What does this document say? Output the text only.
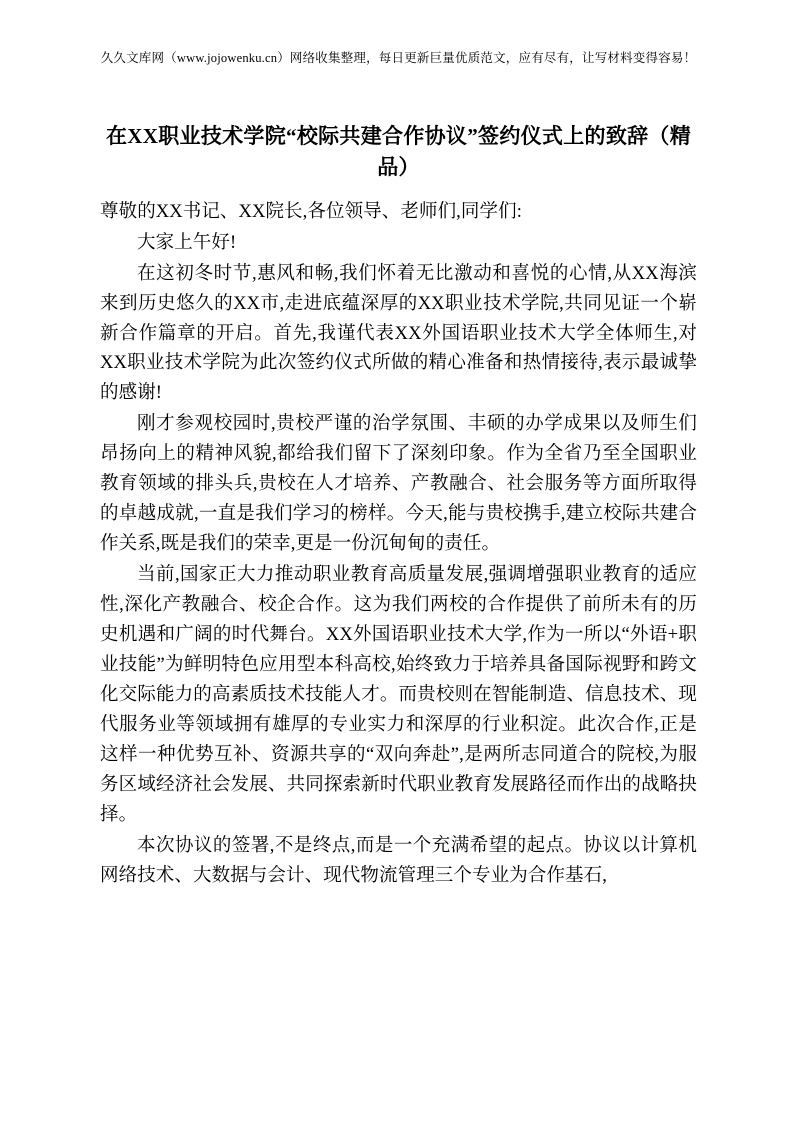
久久文库网（www.jojowenku.cn）网络收集整理，每日更新巨量优质范文，应有尽有，让写材料变得容易！
在XX职业技术学院“校际共建合作协议”签约仪式上的致辞（精品）

尊敬的XX书记、XX院长,各位领导、老师们,同学们:

大家上午好!

在这初冬时节,惠风和畅,我们怀着无比激动和喜悦的心情,从XX海滨来到历史悠久的XX市,走进底蕴深厚的XX职业技术学院,共同见证一个崭新合作篇章的开启。首先,我谨代表XX外国语职业技术大学全体师生,对XX职业技术学院为此次签约仪式所做的精心准备和热情接待,表示最诚挚的感谢!

刚才参观校园时,贵校严谨的治学氛围、丰硕的办学成果以及师生们昂扬向上的精神风貌,都给我们留下了深刻印象。作为全省乃至全国职业教育领域的排头兵,贵校在人才培养、产教融合、社会服务等方面所取得的卓越成就,一直是我们学习的榜样。今天,能与贵校携手,建立校际共建合作关系,既是我们的荣幸,更是一份沉甸甸的责任。

当前,国家正大力推动职业教育高质量发展,强调增强职业教育的适应性,深化产教融合、校企合作。这为我们两校的合作提供了前所未有的历史机遇和广阔的时代舞台。XX外国语职业技术大学,作为一所以“外语+职业技能”为鲜明特色应用型本科高校,始终致力于培养具备国际视野和跨文化交际能力的高素质技术技能人才。而贵校则在智能制造、信息技术、现代服务业等领域拥有雄厚的专业实力和深厚的行业积淀。此次合作,正是这样一种优势互补、资源共享的“双向奔赴”,是两所志同道合的院校,为服务区域经济社会发展、共同探索新时代职业教育发展路径而作出的战略抉择。

本次协议的签署,不是终点,而是一个充满希望的起点。协议以计算机网络技术、大数据与会计、现代物流管理三个专业为合作基石,
